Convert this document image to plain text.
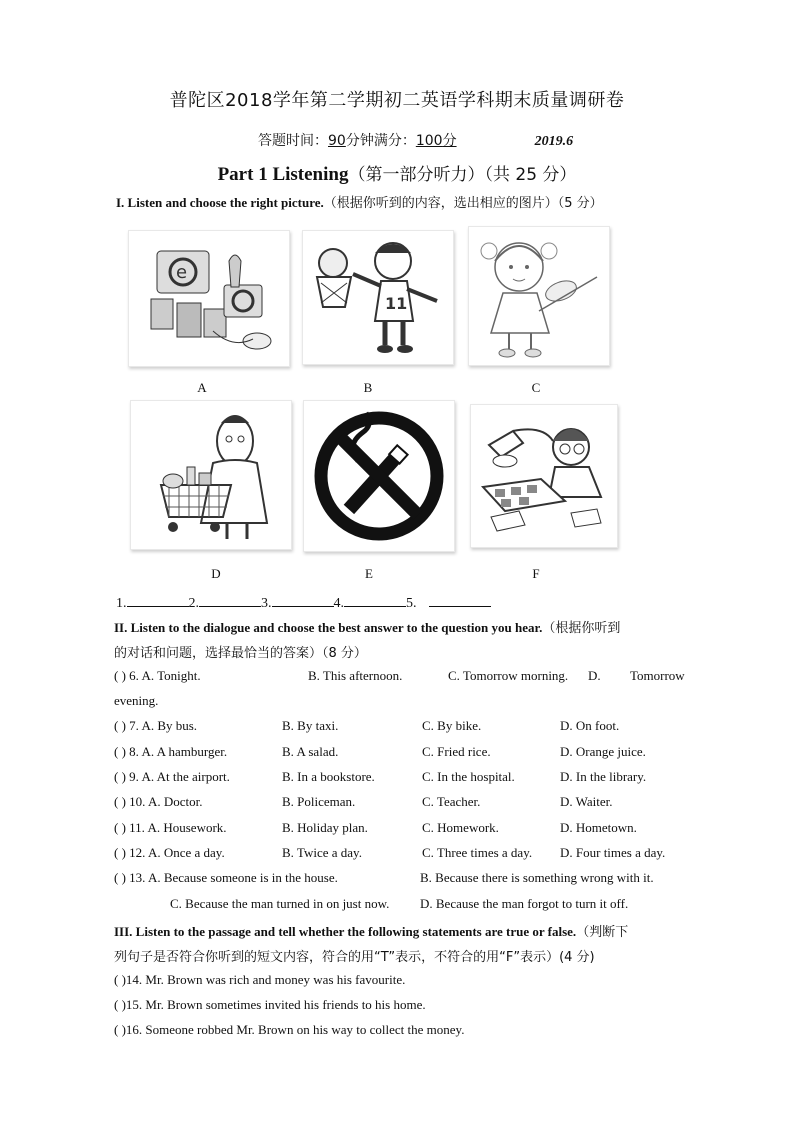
普陀区2018学年第二学期初二英语学科期末质量调研卷
答题时间：90分钟满分：100分	2019.6
Part 1 Listening（第一部分听力）（共 25 分）
I. Listen and choose the right picture.（根据你听到的内容，选出相应的图片）（5 分）
e
A
11
B	C
D	E	F
1.	2.	3.	4.	5.
II. Listen to the dialogue and choose the best answer to the question you hear.（根据你听到
的对话和问题，选择最恰当的答案）（8 分）
( ) 6. A. Tonight.	B. This afternoon.	C. Tomorrow morning. D. Tomorrow
evening.
( ) 7. A. By bus.	B. By taxi.	C. By bike.	D. On foot.
( ) 8. A. A hamburger.	B. A salad.	C. Fried rice.	D. Orange juice.
( ) 9. A. At the airport.	B. In a bookstore.	C. In the hospital.	D. In the library.
( ) 10. A. Doctor.	B. Policeman.	C. Teacher.	D. Waiter.
( ) 11. A. Housework.	B. Holiday plan.	C. Homework.	D. Hometown.
( ) 12. A. Once a day.	B. Twice a day.	C. Three times a day. D. Four times a day.
( ) 13. A. Because someone is in the house.	B. Because there is something wrong with it.
C. Because the man turned in on just now. D. Because the man forgot to turn it off.
III. Listen to the passage and tell whether the following statements are true or false.（判断下
列句子是否符合你听到的短文内容，符合的用“T”表示，不符合的用“F”表示）(4 分)
( )14. Mr. Brown was rich and money was his favourite.
( )15. Mr. Brown sometimes invited his friends to his home.
( )16. Someone robbed Mr. Brown on his way to collect the money.
